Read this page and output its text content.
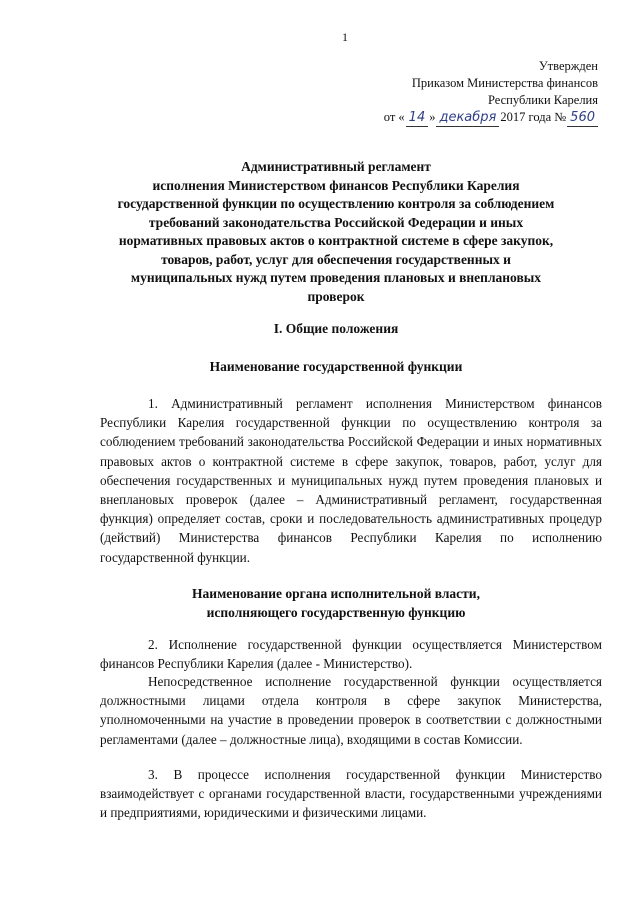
1
Утвержден
Приказом Министерства финансов
Республики Карелия
от « 14 » декабря 2017 года № 560
Административный регламент
исполнения Министерством финансов Республики Карелия
государственной функции по осуществлению контроля за соблюдением
требований законодательства Российской Федерации и иных
нормативных правовых актов о контрактной системе в сфере закупок,
товаров, работ, услуг для обеспечения государственных и
муниципальных нужд путем проведения плановых и внеплановых
проверок
I. Общие положения
Наименование государственной функции
1. Административный регламент исполнения Министерством финансов Республики Карелия государственной функции по осуществлению контроля за соблюдением требований законодательства Российской Федерации и иных нормативных правовых актов о контрактной системе в сфере закупок, товаров, работ, услуг для обеспечения государственных и муниципальных нужд путем проведения плановых и внеплановых проверок (далее – Административный регламент, государственная функция) определяет состав, сроки и последовательность административных процедур (действий) Министерства финансов Республики Карелия по исполнению государственной функции.
Наименование органа исполнительной власти,
исполняющего государственную функцию
2. Исполнение государственной функции осуществляется Министерством финансов Республики Карелия (далее - Министерство).
Непосредственное исполнение государственной функции осуществляется должностными лицами отдела контроля в сфере закупок Министерства, уполномоченными на участие в проведении проверок в соответствии с должностными регламентами (далее – должностные лица), входящими в состав Комиссии.
3. В процессе исполнения государственной функции Министерство взаимодействует с органами государственной власти, государственными учреждениями и предприятиями, юридическими и физическими лицами.
